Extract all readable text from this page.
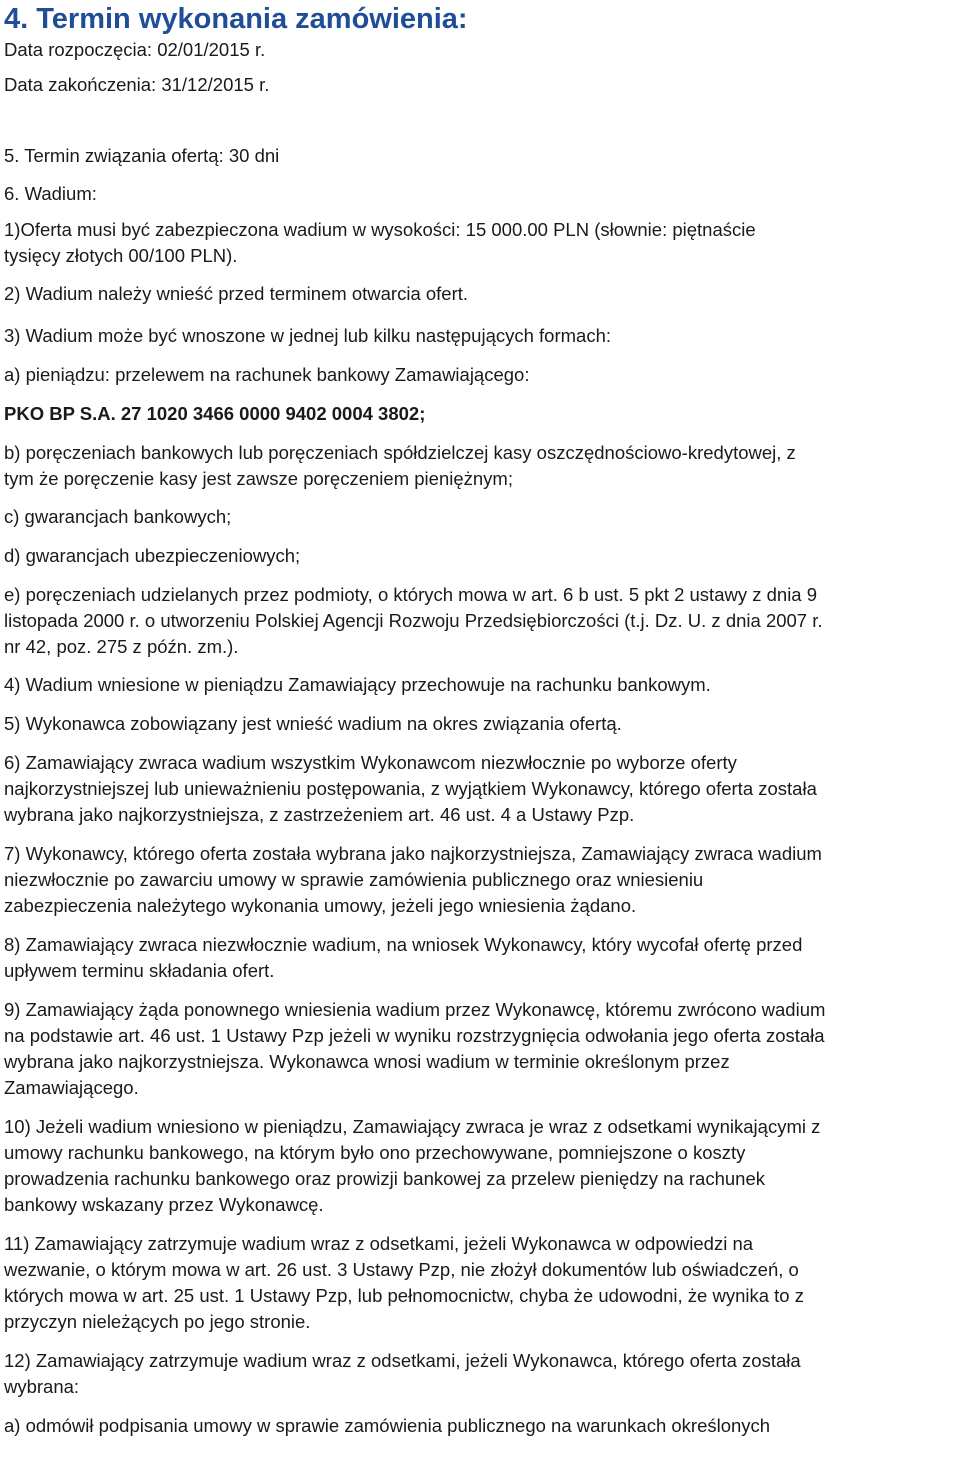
4. Termin wykonania zamówienia:

Data rozpoczęcia: 02/01/2015 r.

Data zakończenia: 31/12/2015 r.

5. Termin związania ofertą: 30 dni

6. Wadium:

1)Oferta musi być zabezpieczona wadium w wysokości: 15 000.00 PLN (słownie: piętnaście
tysięcy złotych 00/100 PLN).

2) Wadium należy wnieść przed terminem otwarcia ofert.

3) Wadium może być wnoszone w jednej lub kilku następujących formach:

a) pieniądzu: przelewem na rachunek bankowy Zamawiającego:

PKO BP S.A. 27 1020 3466 0000 9402 0004 3802;

b) poręczeniach bankowych lub poręczeniach spółdzielczej kasy oszczędnościowo-kredytowej, z
tym że poręczenie kasy jest zawsze poręczeniem pieniężnym;

c) gwarancjach bankowych;

d) gwarancjach ubezpieczeniowych;

e) poręczeniach udzielanych przez podmioty, o których mowa w art. 6 b ust. 5 pkt 2 ustawy z dnia 9
listopada 2000 r. o utworzeniu Polskiej Agencji Rozwoju Przedsiębiorczości (t.j. Dz. U. z dnia 2007 r.
nr 42, poz. 275 z późn. zm.).

4) Wadium wniesione w pieniądzu Zamawiający przechowuje na rachunku bankowym.

5) Wykonawca zobowiązany jest wnieść wadium na okres związania ofertą.

6) Zamawiający zwraca wadium wszystkim Wykonawcom niezwłocznie po wyborze oferty
najkorzystniejszej lub unieważnieniu postępowania, z wyjątkiem Wykonawcy, którego oferta została
wybrana jako najkorzystniejsza, z zastrzeżeniem art. 46 ust. 4 a Ustawy Pzp.

7) Wykonawcy, którego oferta została wybrana jako najkorzystniejsza, Zamawiający zwraca wadium
niezwłocznie po zawarciu umowy w sprawie zamówienia publicznego oraz wniesieniu
zabezpieczenia należytego wykonania umowy, jeżeli jego wniesienia żądano.

8) Zamawiający zwraca niezwłocznie wadium, na wniosek Wykonawcy, który wycofał ofertę przed
upływem terminu składania ofert.

9) Zamawiający żąda ponownego wniesienia wadium przez Wykonawcę, któremu zwrócono wadium
na podstawie art. 46 ust. 1 Ustawy Pzp jeżeli w wyniku rozstrzygnięcia odwołania jego oferta została
wybrana jako najkorzystniejsza. Wykonawca wnosi wadium w terminie określonym przez
Zamawiającego.

10) Jeżeli wadium wniesiono w pieniądzu, Zamawiający zwraca je wraz z odsetkami wynikającymi z
umowy rachunku bankowego, na którym było ono przechowywane, pomniejszone o koszty
prowadzenia rachunku bankowego oraz prowizji bankowej za przelew pieniędzy na rachunek
bankowy wskazany przez Wykonawcę.

11) Zamawiający zatrzymuje wadium wraz z odsetkami, jeżeli Wykonawca w odpowiedzi na
wezwanie, o którym mowa w art. 26 ust. 3 Ustawy Pzp, nie złożył dokumentów lub oświadczeń, o
których mowa w art. 25 ust. 1 Ustawy Pzp, lub pełnomocnictw, chyba że udowodni, że wynika to z
przyczyn nieleżących po jego stronie.

12) Zamawiający zatrzymuje wadium wraz z odsetkami, jeżeli Wykonawca, którego oferta została
wybrana:

a) odmówił podpisania umowy w sprawie zamówienia publicznego na warunkach określonych
